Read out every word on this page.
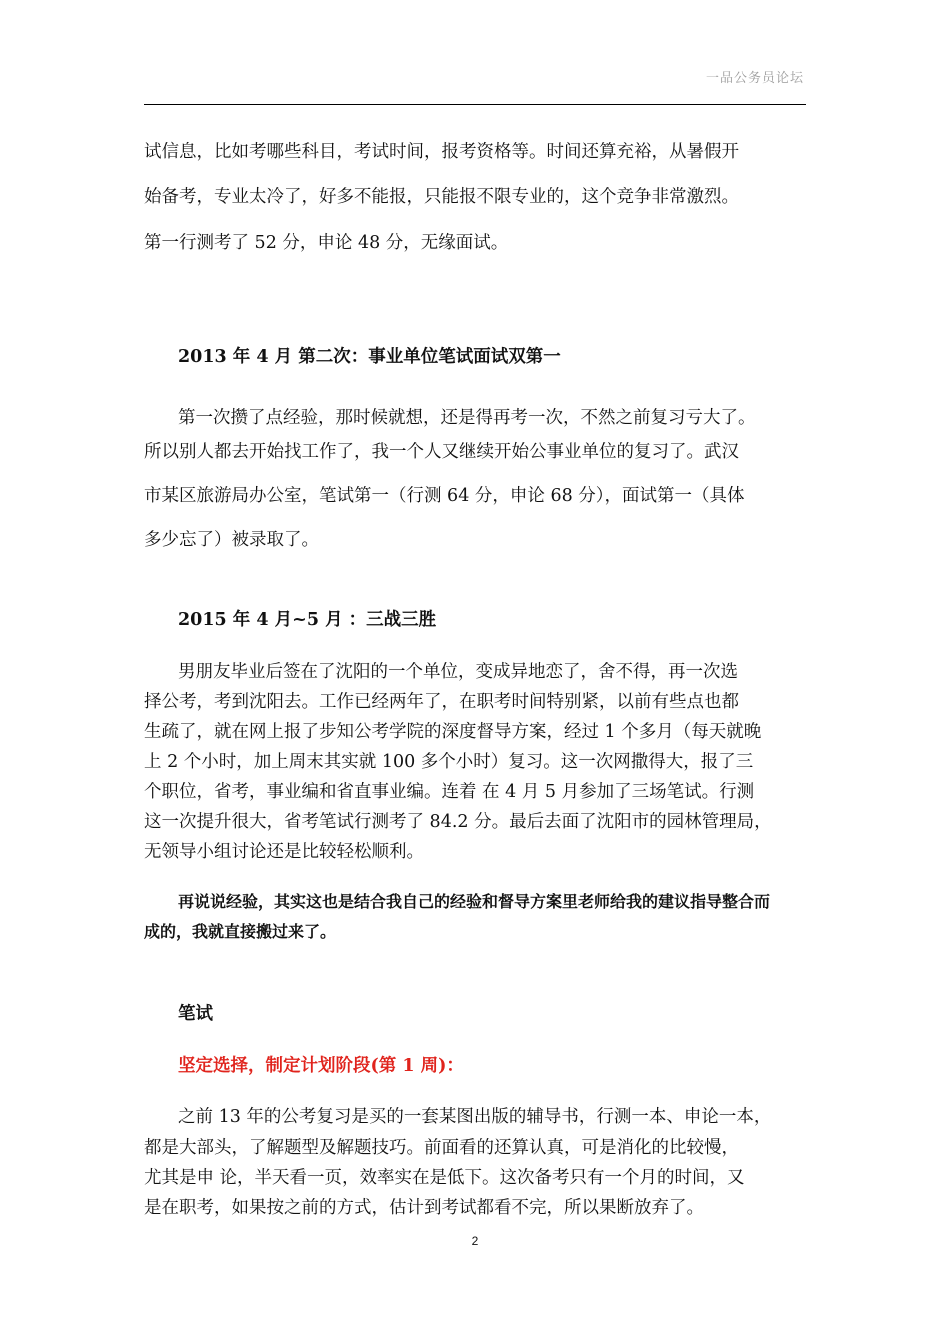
一品公务员论坛
试信息，比如考哪些科目，考试时间，报考资格等。时间还算充裕，从暑假开
始备考，专业太冷了，好多不能报，只能报不限专业的，这个竞争非常激烈。
第一行测考了 52 分，申论 48 分，无缘面试。
2013 年 4 月 第二次：事业单位笔试面试双第一
第一次攒了点经验，那时候就想，还是得再考一次，不然之前复习亏大了。
所以别人都去开始找工作了，我一个人又继续开始公事业单位的复习了。武汉
市某区旅游局办公室，笔试第一（行测 64 分，申论 68 分），面试第一（具体
多少忘了）被录取了。
2015 年 4 月~5 月 ：三战三胜
男朋友毕业后签在了沈阳的一个单位，变成异地恋了，舍不得，再一次选
择公考，考到沈阳去。工作已经两年了，在职考时间特别紧，以前有些点也都
生疏了，就在网上报了步知公考学院的深度督导方案，经过 1 个多月（每天就晚
上 2 个小时，加上周末其实就 100 多个小时）复习。这一次网撒得大，报了三
个职位，省考，事业编和省直事业编。连着 在 4 月 5 月参加了三场笔试。行测
这一次提升很大，省考笔试行测考了 84.2 分。最后去面了沈阳市的园林管理局，
无领导小组讨论还是比较轻松顺利。
再说说经验，其实这也是结合我自己的经验和督导方案里老师给我的建议指导整合而
成的，我就直接搬过来了。
笔试
坚定选择，制定计划阶段(第 1 周)：
之前 13 年的公考复习是买的一套某图出版的辅导书，行测一本、申论一本，
都是大部头，了解题型及解题技巧。前面看的还算认真，可是消化的比较慢，
尤其是申 论，半天看一页，效率实在是低下。这次备考只有一个月的时间，又
是在职考，如果按之前的方式，估计到考试都看不完，所以果断放弃了。
2
